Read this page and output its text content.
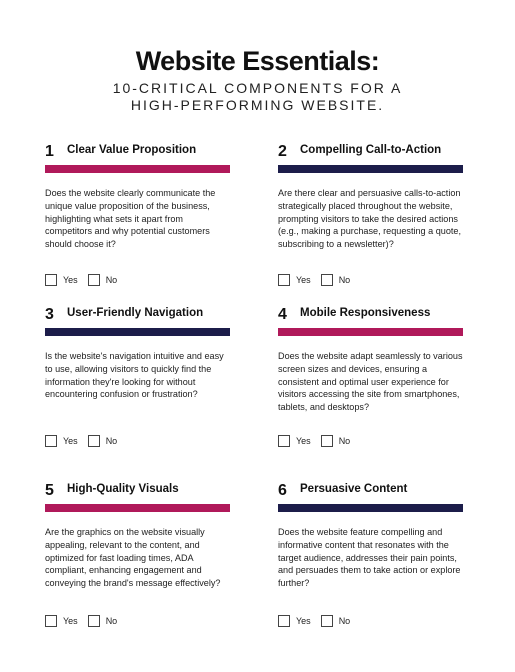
Website Essentials:
10-CRITICAL COMPONENTS FOR A
HIGH-PERFORMING WEBSITE.
1 Clear Value Proposition
Does the website clearly communicate the unique value proposition of the business, highlighting what sets it apart from competitors and why potential customers should choose it?
Yes	No
2 Compelling Call-to-Action
Are there clear and persuasive calls-to-action strategically placed throughout the website, prompting visitors to take the desired actions (e.g., making a purchase, requesting a quote, subscribing to a newsletter)?
Yes	No
3 User-Friendly Navigation
Is the website's navigation intuitive and easy to use, allowing visitors to quickly find the information they're looking for without encountering confusion or frustration?
Yes	No
4 Mobile Responsiveness
Does the website adapt seamlessly to various screen sizes and devices, ensuring a consistent and optimal user experience for visitors accessing the site from smartphones, tablets, and desktops?
Yes	No
5 High-Quality Visuals
Are the graphics on the website visually appealing, relevant to the content, and optimized for fast loading times, ADA compliant, enhancing engagement and conveying the brand's message effectively?
Yes	No
6 Persuasive Content
Does the website feature compelling and informative content that resonates with the target audience, addresses their pain points, and persuades them to take action or explore further?
Yes	No
